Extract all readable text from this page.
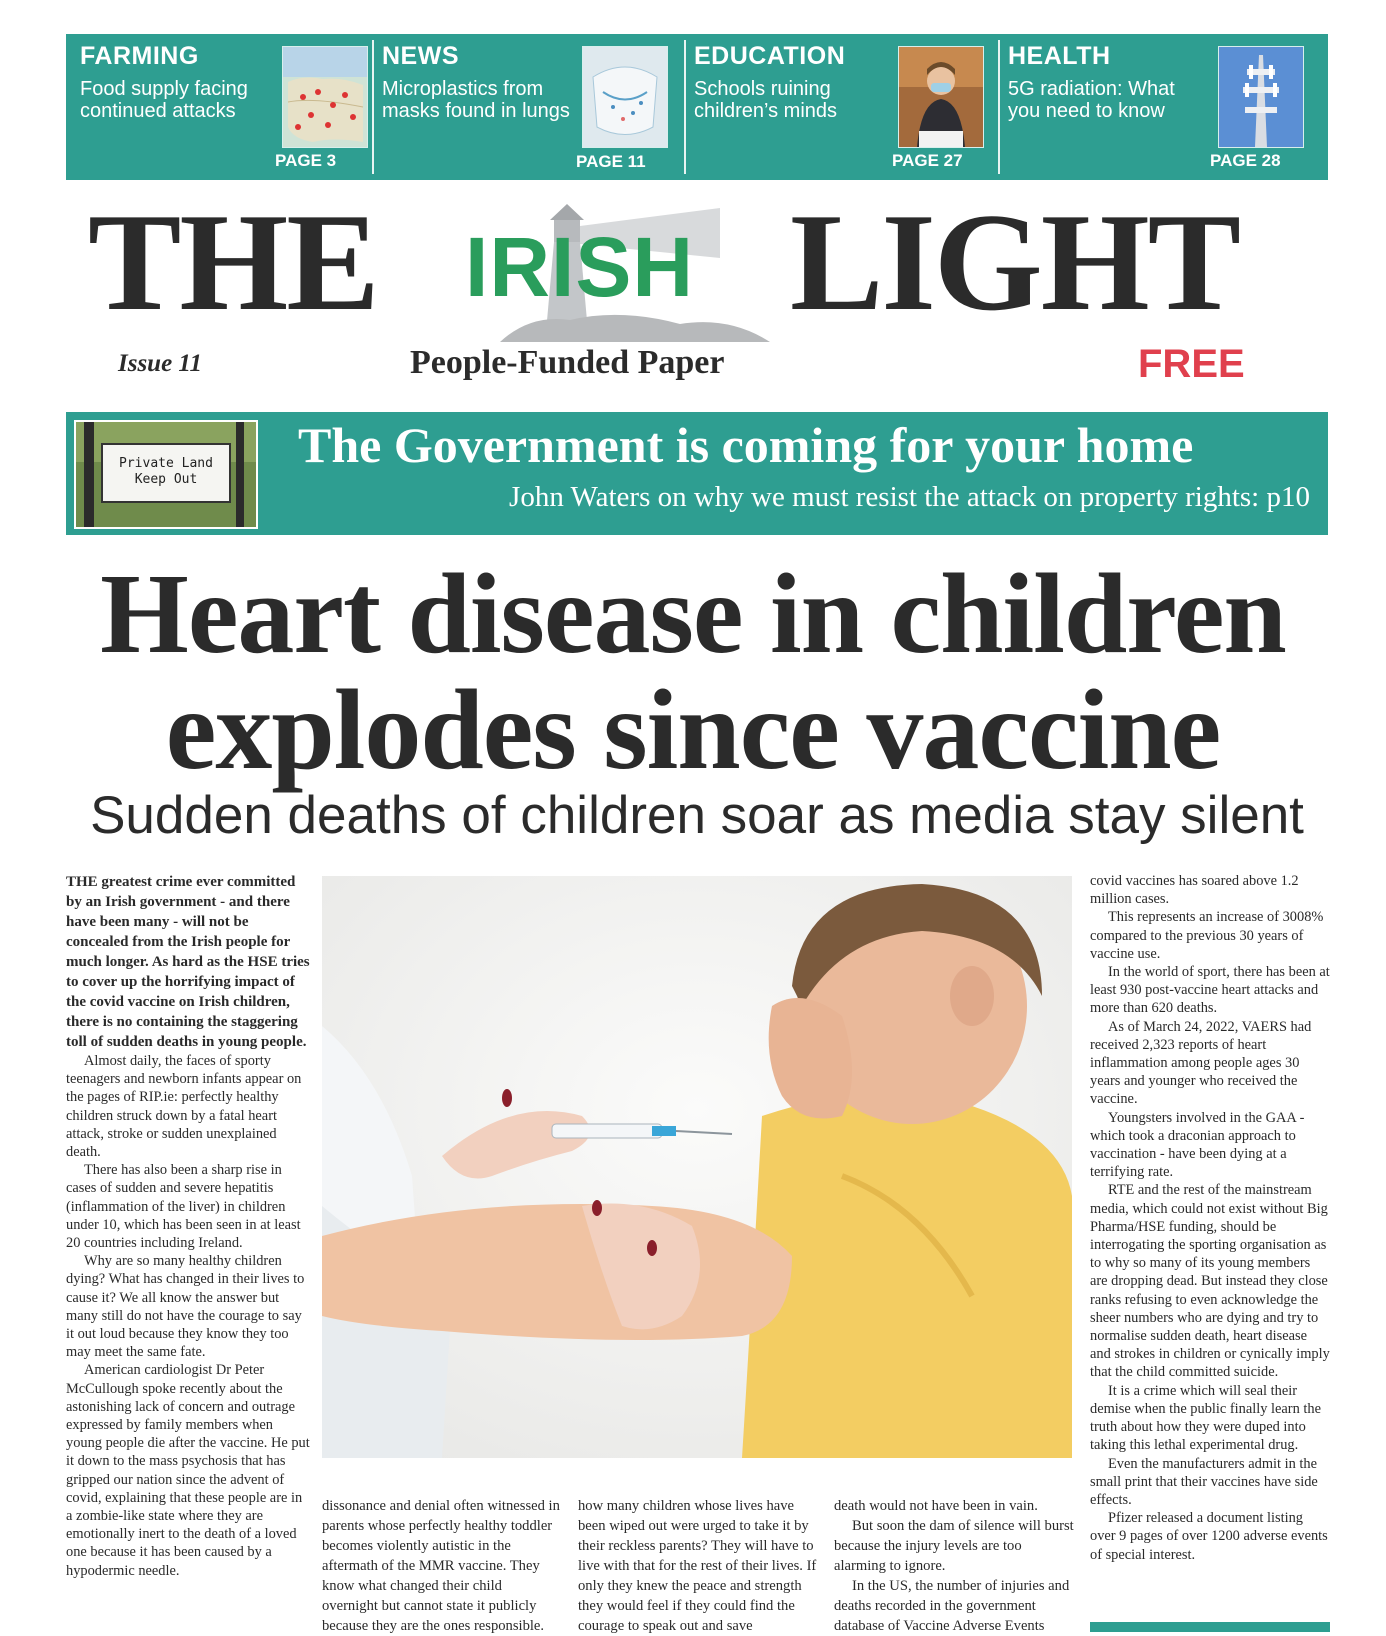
FARMING
Food supply facing continued attacks
PAGE 3
NEWS
Microplastics from masks found in lungs
PAGE 11
EDUCATION
Schools ruining children’s minds
PAGE 27
HEALTH
5G radiation: What you need to know
PAGE 28
THE IRISH LIGHT
Issue 11	People-Funded Paper	FREE
Private Land
Keep Out
The Government is coming for your home
John Waters on why we must resist the attack on property rights: p10
Heart disease in children
explodes since vaccine
Sudden deaths of children soar as media stay silent

THE greatest crime ever committed by an Irish government - and there have been many - will not be concealed from the Irish people for much longer. As hard as the HSE tries to cover up the horrifying impact of the covid vaccine on Irish children, there is no containing the staggering toll of sudden deaths in young people.

Almost daily, the faces of sporty teenagers and newborn infants appear on the pages of RIP.ie: perfectly healthy children struck down by a fatal heart attack, stroke or sudden unexplained death.

There has also been a sharp rise in cases of sudden and severe hepatitis (inflammation of the liver) in children under 10, which has been seen in at least 20 countries including Ireland.

Why are so many healthy children dying? What has changed in their lives to cause it? We all know the answer but many still do not have the courage to say it out loud because they know they too may meet the same fate.

American cardiologist Dr Peter McCullough spoke recently about the astonishing lack of concern and outrage expressed by family members when young people die after the vaccine. He put it down to the mass psychosis that has gripped our nation since the advent of covid, explaining that these people are in a zombie-like state where they are emotionally inert to the death of a loved one because it has been caused by a hypodermic needle.

covid vaccines has soared above 1.2 million cases.

This represents an increase of 3008% compared to the previous 30 years of vaccine use.

In the world of sport, there has been at least 930 post-vaccine heart attacks and more than 620 deaths.

As of March 24, 2022, VAERS had received 2,323 reports of heart inflammation among people ages 30 years and younger who received the vaccine.

Youngsters involved in the GAA - which took a draconian approach to vaccination - have been dying at a terrifying rate.

RTE and the rest of the mainstream media, which could not exist without Big Pharma/HSE funding, should be interrogating the sporting organisation as to why so many of its young members are dropping dead. But instead they close ranks refusing to even acknowledge the sheer numbers who are dying and try to normalise sudden death, heart disease and strokes in children or cynically imply that the child committed suicide.

It is a crime which will seal their demise when the public finally learn the truth about how they were duped into taking this lethal experimental drug.

Even the manufacturers admit in the small print that their vaccines have side effects.

Pfizer released a document listing over 9 pages of over 1200 adverse events of special interest.

dissonance and denial often witnessed in parents whose perfectly healthy toddler becomes violently autistic in the aftermath of the MMR vaccine. They know what changed their child overnight but cannot state it publicly because they are the ones responsible.

how many children whose lives have been wiped out were urged to take it by their reckless parents? They will have to live with that for the rest of their lives. If only they knew the peace and strength they would feel if they could find the courage to speak out and save

death would not have been in vain.

But soon the dam of silence will burst because the injury levels are too alarming to ignore.

In the US, the number of injuries and deaths recorded in the government database of Vaccine Adverse Events
